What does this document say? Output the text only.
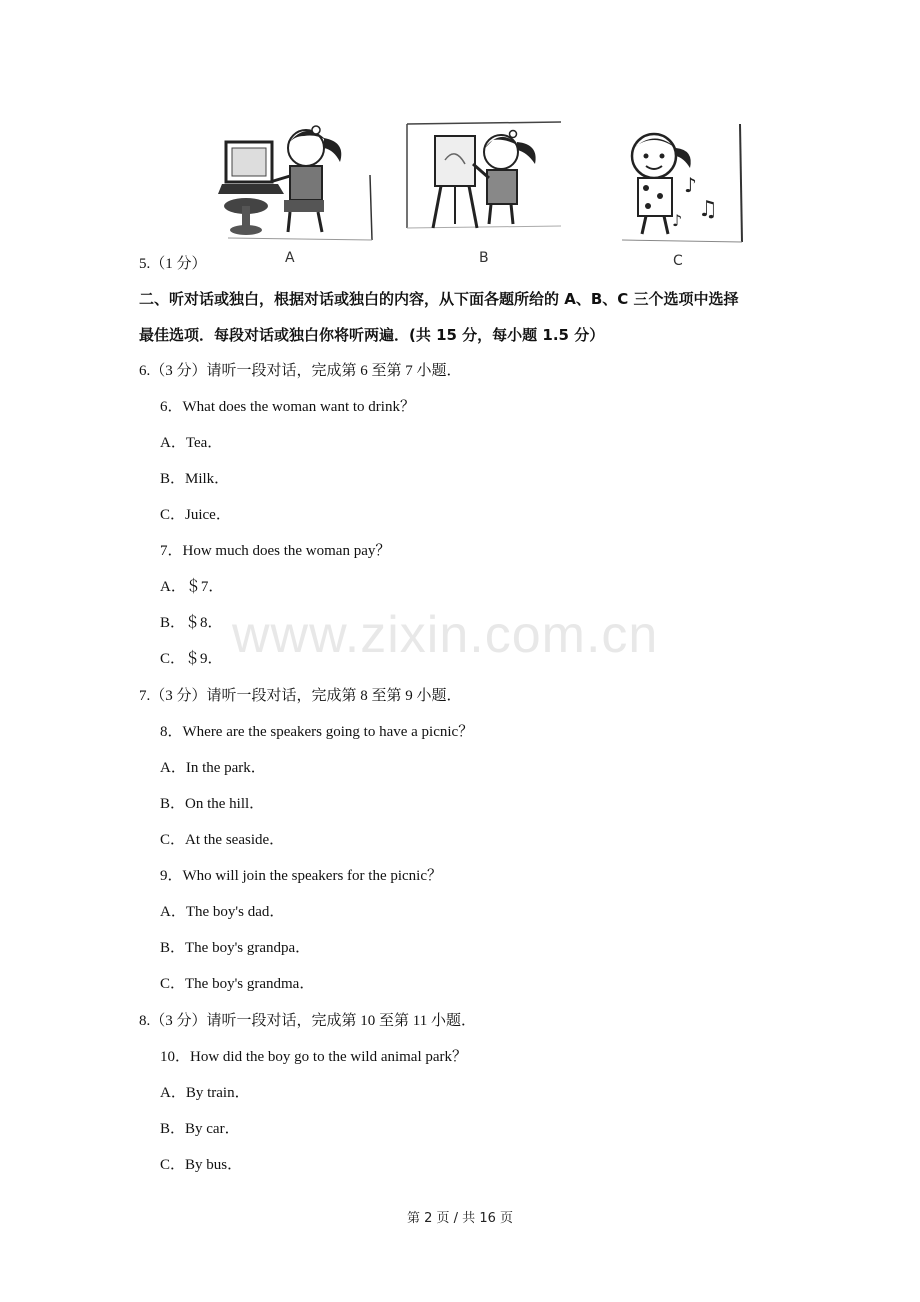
A	B
♪
♫
♪
C
5.（1 分）
二、听对话或独白，根据对话或独白的内容，从下面各题所给的 A、B、C 三个选项中选择
最佳选项．每段对话或独白你将听两遍．(共 15 分，每小题 1.5 分）
6.（3 分）请听一段对话，完成第 6 至第 7 小题．
6．What does the woman want to drink？
A．Tea．
B．Milk．
C．Juice．
7．How much does the woman pay？
A．＄7．
B．＄8．
C．＄9．
7.（3 分）请听一段对话，完成第 8 至第 9 小题．
8．Where are the speakers going to have a picnic？
A．In the park．
B．On the hill．
C．At the seaside．
9．Who will join the speakers for the picnic？
A．The boy's dad．
B．The boy's grandpa．
C．The boy's grandma．
8.（3 分）请听一段对话，完成第 10 至第 11 小题．
10．How did the boy go to the wild animal park？
A．By train．
B．By car．
C．By bus．
www.zixin.com.cn
第 2 页 / 共 16 页
